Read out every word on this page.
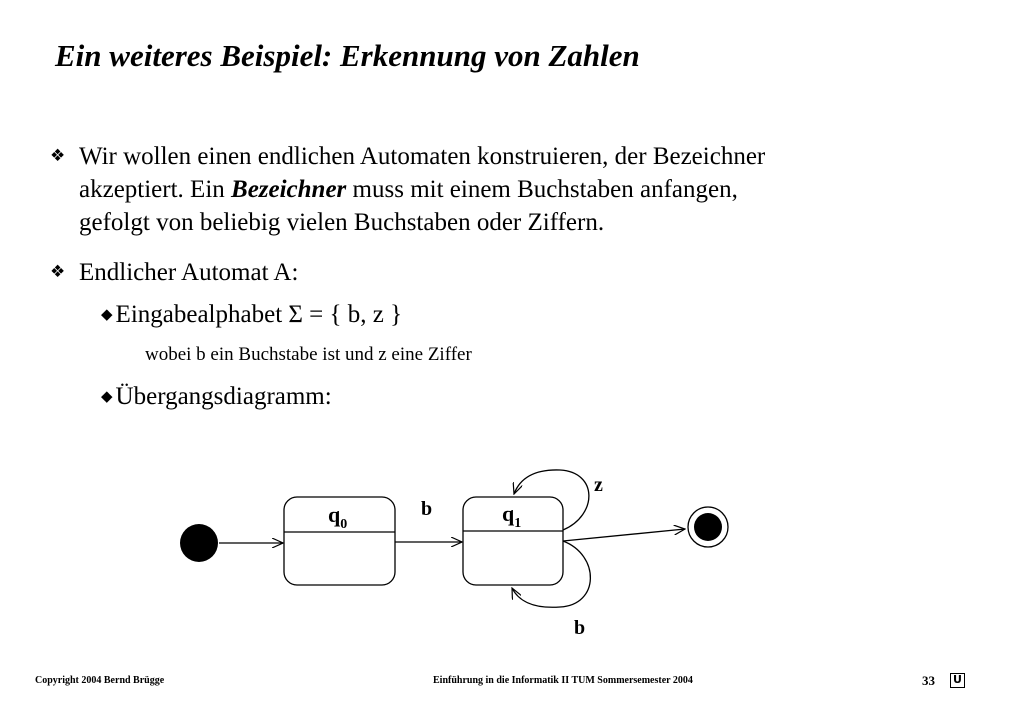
Ein weiteres Beispiel: Erkennung von Zahlen
❖ Wir wollen einen endlichen Automaten konstruieren, der Bezeichner
akzeptiert. Ein Bezeichner muss mit einem Buchstaben anfangen,
gefolgt von beliebig vielen Buchstaben oder Ziffern.
❖ Endlicher Automat A:
◆ Eingabealphabet Σ = { b, z }
wobei b ein Buchstabe ist und z eine Ziffer
◆ Übergangsdiagramm:
$q_0$
b	$q_1$
z
b
Copyright 2004 Bernd Brügge	Einführung in die Informatik II TUM Sommersemester 2004	33 U
